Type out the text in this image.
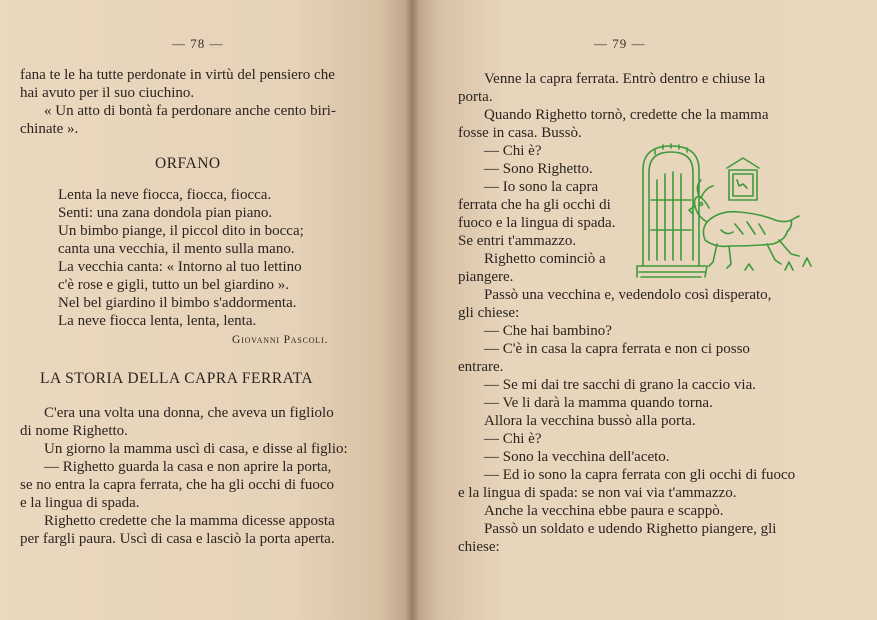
— 78 —
fana te le ha tutte perdonate in virtù del pensiero che
hai avuto per il suo ciuchino.
« Un atto di bontà fa perdonare anche cento biri-
chinate ».
ORFANO
Lenta la neve fiocca, fiocca, fiocca.
Senti: una zana dondola pian piano.
Un bimbo piange, il piccol dito in bocca;
canta una vecchia, il mento sulla mano.
La vecchia canta: « Intorno al tuo lettino
c'è rose e gigli, tutto un bel giardino ».
Nel bel giardino il bimbo s'addormenta.
La neve fiocca lenta, lenta, lenta.
Giovanni Pascoli.
LA STORIA DELLA CAPRA FERRATA
C'era una volta una donna, che aveva un figliolo
di nome Righetto.
Un giorno la mamma uscì di casa, e disse al figlio:
— Righetto guarda la casa e non aprire la porta,
se no entra la capra ferrata, che ha gli occhi di fuoco
e la lingua di spada.
Righetto credette che la mamma dicesse apposta
per fargli paura. Uscì di casa e lasciò la porta aperta.
— 79 —
Venne la capra ferrata. Entrò dentro e chiuse la
porta.
Quando Righetto tornò, credette che la mamma
fosse in casa. Bussò.
— Chi è?
— Sono Righetto.
— Io sono la capra
ferrata che ha gli occhi di
fuoco e la lingua di spada.
Se entri t'ammazzo.
Righetto cominciò a
piangere.
Passò una vecchina e, vedendolo così disperato,
gli chiese:
— Che hai bambino?
— C'è in casa la capra ferrata e non ci posso
entrare.
— Se mi dai tre sacchi di grano la caccio via.
— Ve li darà la mamma quando torna.
Allora la vecchina bussò alla porta.
— Chi è?
— Sono la vecchina dell'aceto.
— Ed io sono la capra ferrata con gli occhi di fuoco
e la lingua di spada: se non vai via t'ammazzo.
Anche la vecchina ebbe paura e scappò.
Passò un soldato e udendo Righetto piangere, gli
chiese:
